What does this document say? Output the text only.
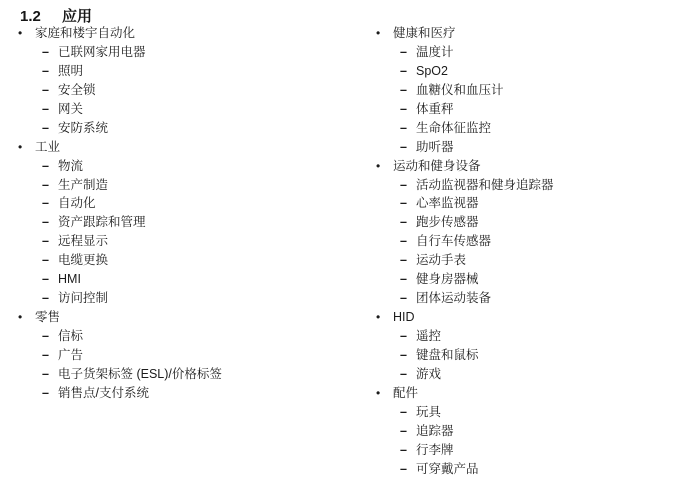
1.2 应用
• 家庭和楼宇自动化
– 已联网家用电器
– 照明
– 安全锁
– 网关
– 安防系统
• 工业
– 物流
– 生产制造
– 自动化
– 资产跟踪和管理
– 远程显示
– 电缆更换
– HMI
– 访问控制
• 零售
– 信标
– 广告
– 电子货架标签 (ESL)/价格标签
– 销售点/支付系统
• 健康和医疗
– 温度计
– SpO2
– 血糖仪和血压计
– 体重秤
– 生命体征监控
– 助听器
• 运动和健身设备
– 活动监视器和健身追踪器
– 心率监视器
– 跑步传感器
– 自行车传感器
– 运动手表
– 健身房器械
– 团体运动装备
• HID
– 遥控
– 键盘和鼠标
– 游戏
• 配件
– 玩具
– 追踪器
– 行李牌
– 可穿戴产品
